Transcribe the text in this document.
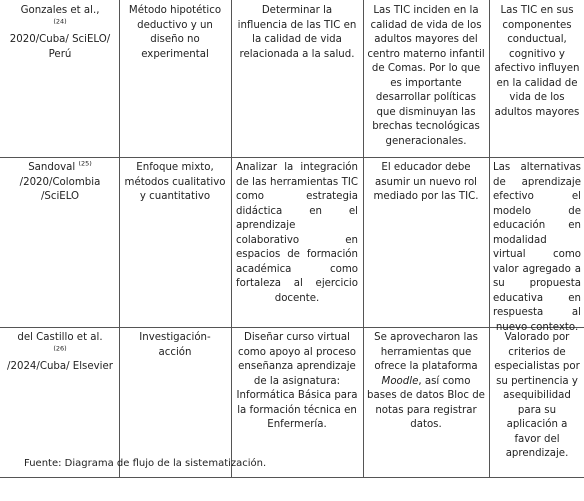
Gonzales et al.,
$^{(24)}$
2020/Cuba/ SciELO/ Perú
Método hipotético deductivo y un diseño no experimental
Determinar la influencia de las TIC en la calidad de vida relacionada a la salud.
Las TIC inciden en la calidad de vida de los adultos mayores del centro materno infantil de Comas. Por lo que es importante desarrollar políticas que disminuyan las brechas tecnológicas generacionales.
Las TIC en sus componentes conductual, cognitivo y afectivo influyen en la calidad de vida de los adultos mayores
Sandoval $^{(25)}$
/2020/Colombia /SciELO
Enfoque mixto, métodos cualitativo y cuantitativo
Analizar la integración de las herramientas TIC como estrategia didáctica en el aprendizaje colaborativo en espacios de formación académica como fortaleza al ejercicio docente.
El educador debe asumir un nuevo rol mediado por las TIC.
Las alternativas de aprendizaje efectivo el modelo de educación en modalidad virtual como valor agregado a su propuesta educativa en respuesta al nuevo contexto.
del Castillo et al.
$^{(26)}$
/2024/Cuba/ Elsevier
Investigación-acción
Diseñar curso virtual como apoyo al proceso enseñanza aprendizaje de la asignatura: Informática Básica para la formación técnica en Enfermería.
Se aprovecharon las herramientas que ofrece la plataforma Moodle, así como bases de datos Bloc de notas para registrar datos.
Valorado por criterios de especialistas por su pertinencia y asequibilidad para su aplicación a favor del aprendizaje.
Fuente: Diagrama de flujo de la sistematización.
